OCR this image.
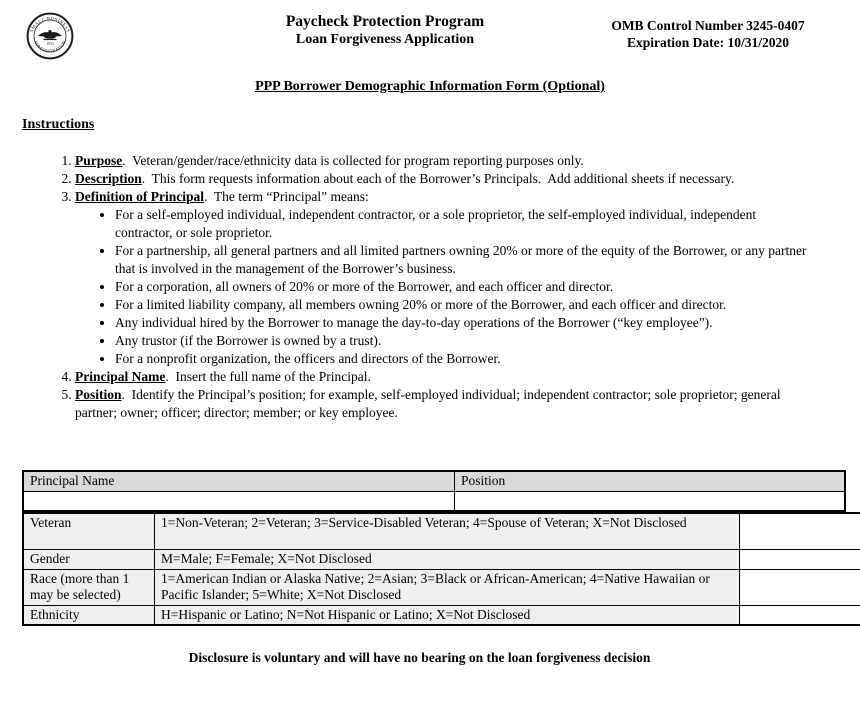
SMALL BUSINESS
ADMINISTRATION
1953
Paycheck Protection Program
Loan Forgiveness Application
OMB Control Number 3245-0407
Expiration Date: 10/31/2020
PPP Borrower Demographic Information Form (Optional)
Instructions
1. Purpose.  Veteran/gender/race/ethnicity data is collected for program reporting purposes only.
2. Description.  This form requests information about each of the Borrower’s Principals.  Add additional sheets if necessary.
3. Definition of Principal.  The term “Principal” means:
• For a self-employed individual, independent contractor, or a sole proprietor, the self-employed individual, independent contractor, or sole proprietor.
• For a partnership, all general partners and all limited partners owning 20% or more of the equity of the Borrower, or any partner that is involved in the management of the Borrower’s business.
• For a corporation, all owners of 20% or more of the Borrower, and each officer and director.
• For a limited liability company, all members owning 20% or more of the Borrower, and each officer and director.
• Any individual hired by the Borrower to manage the day-to-day operations of the Borrower (“key employee”).
• Any trustor (if the Borrower is owned by a trust).
• For a nonprofit organization, the officers and directors of the Borrower.
4. Principal Name.  Insert the full name of the Principal.
5. Position.  Identify the Principal’s position; for example, self-employed individual; independent contractor; sole proprietor; general partner; owner; officer; director; member; or key employee.
Principal Name	Position

Veteran	1=Non-Veteran; 2=Veteran; 3=Service-Disabled Veteran; 4=Spouse of Veteran; X=Not Disclosed	

Gender	M=Male; F=Female; X=Not Disclosed	

Race (more than 1 may be selected)	1=American Indian or Alaska Native; 2=Asian; 3=Black or African-American; 4=Native Hawaiian or Pacific Islander; 5=White; X=Not Disclosed	

Ethnicity	H=Hispanic or Latino; N=Not Hispanic or Latino; X=Not Disclosed	
Disclosure is voluntary and will have no bearing on the loan forgiveness decision
